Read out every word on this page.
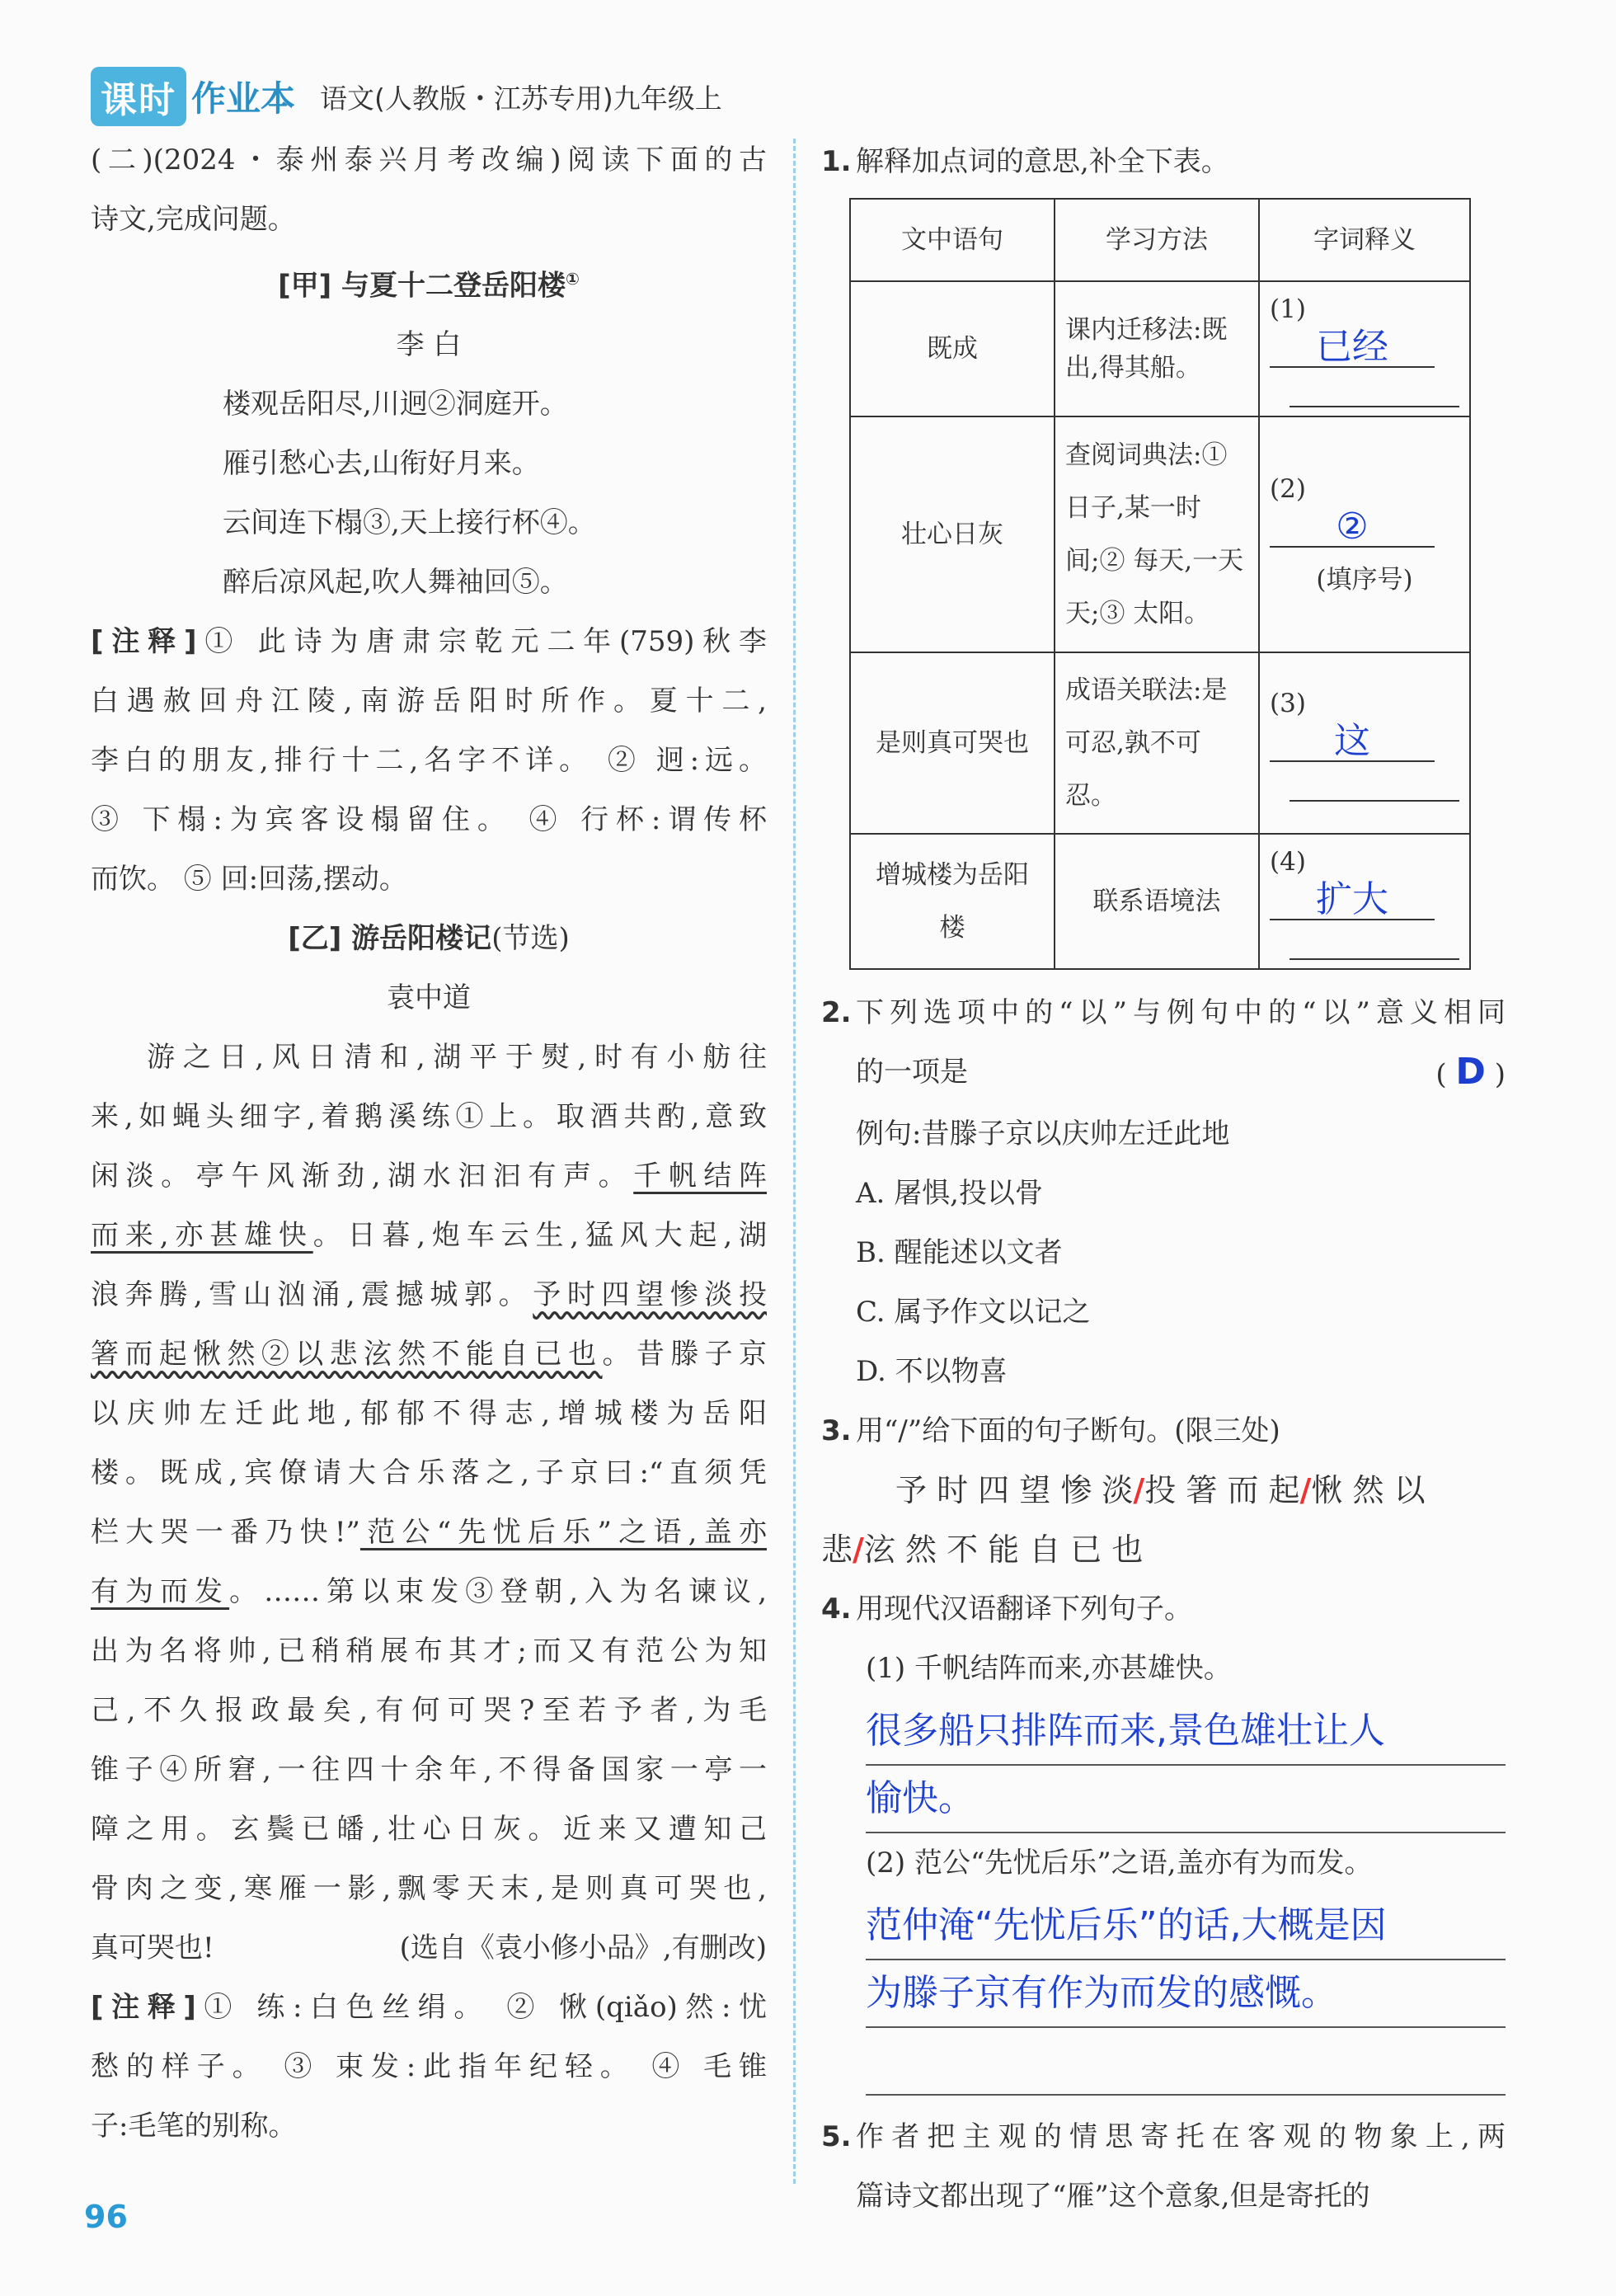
课时 作业本 语文(人教版・江苏专用)九年级上

(二)(2024・泰州泰兴月考改编)阅读下面的古

诗文,完成问题。

[甲] 与夏十二登岳阳楼①

李 白

楼观岳阳尽,川迥②洞庭开。

雁引愁心去,山衔好月来。

云间连下榻③,天上接行杯④。

醉后凉风起,吹人舞袖回⑤。

[注释]① 此诗为唐肃宗乾元二年(759)秋李

白遇赦回舟江陵,南游岳阳时所作。夏十二,

李白的朋友,排行十二,名字不详。 ② 迥:远。

③ 下榻:为宾客设榻留住。 ④ 行杯:谓传杯

而饮。 ⑤ 回:回荡,摆动。

[乙] 游岳阳楼记(节选)

袁中道

游之日,风日清和,湖平于熨,时有小舫往

来,如蝇头细字,着鹅溪练①上。取酒共酌,意致

闲淡。亭午风渐劲,湖水汩汩有声。千帆结阵

而来,亦甚雄快。日暮,炮车云生,猛风大起,湖

浪奔腾,雪山汹涌,震撼城郭。予时四望惨淡投

箸而起愀然②以悲泫然不能自已也。昔滕子京

以庆帅左迁此地,郁郁不得志,增城楼为岳阳

楼。既成,宾僚请大合乐落之,子京曰:“直须凭

栏大哭一番乃快!”范公“先忧后乐”之语,盖亦

有为而发。……第以束发③登朝,入为名谏议,

出为名将帅,已稍稍展布其才;而又有范公为知

己,不久报政最矣,有何可哭?至若予者,为毛

锥子④所窘,一往四十余年,不得备国家一亭一

障之用。玄鬓已皤,壮心日灰。近来又遭知己

骨肉之变,寒雁一影,飘零天末,是则真可哭也,

真可哭也!	(选自《袁小修小品》,有删改)

[注释]① 练:白色丝绢。 ② 愀(qiǎo)然:忧

愁的样子。 ③ 束发:此指年纪轻。 ④ 毛锥

子:毛笔的别称。

1. 解释加点词的意思,补全下表。
文中语句	学习方法	字词释义
既成	课内迁移法:既出,得其船。	(1)已经

壮心日灰	查阅词典法:① 日子,某一时间;② 每天,一天天;③ 太阳。	(2)②
(填序号)

是则真可哭也	成语关联法:是可忍,孰不可忍。	(3)这

增城楼为岳阳楼	联系语境法	(4)扩大
2. 下列选项中的“以”与例句中的“以”意义相同
的一项是	( D )
例句:昔滕子京以庆帅左迁此地
A. 屠惧,投以骨
B. 醒能述以文者
C. 属予作文以记之
D. 不以物喜
3. 用“/”给下面的句子断句。(限三处)
予 时 四 望 惨 淡/投 箸 而 起/愀 然 以
悲/泫 然 不 能 自 已 也
4. 用现代汉语翻译下列句子。
(1) 千帆结阵而来,亦甚雄快。
很多船只排阵而来,景色雄壮让人
愉快。
(2) 范公“先忧后乐”之语,盖亦有为而发。
范仲淹“先忧后乐”的话,大概是因
为滕子京有作为而发的感慨。
5. 作者把主观的情思寄托在客观的物象上,两
篇诗文都出现了“雁”这个意象,但是寄托的
96
